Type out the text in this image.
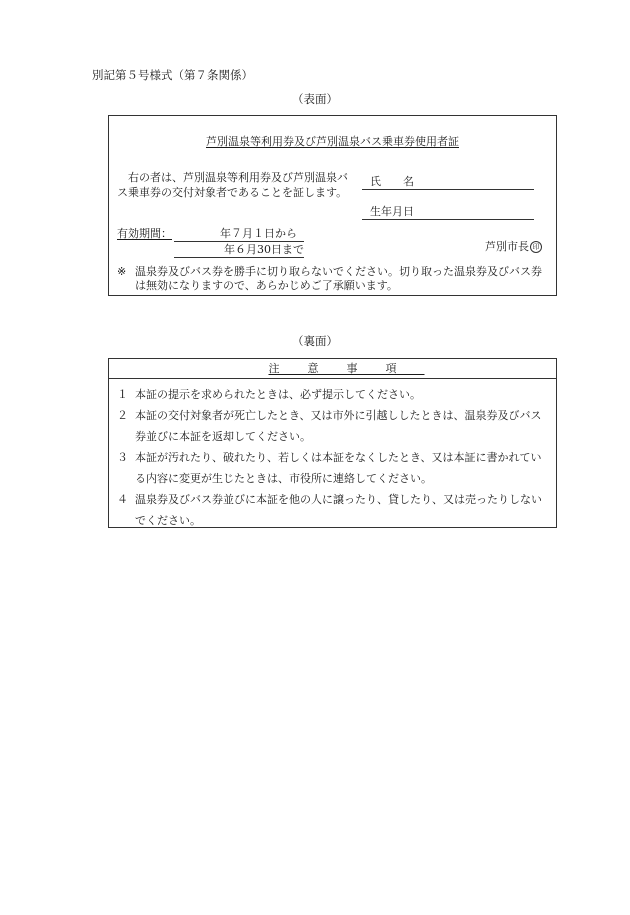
別記第５号様式（第７条関係）
（表面）
芦別温泉等利用券及び芦別温泉バス乗車券使用者証
　右の者は、芦別温泉等利用券及び芦別温泉バス乗車券の交付対象者であることを証します。
氏　　名
生年月日
有効期間：	年７月１日から
年６月30日まで	芦別市長 印
※ 温泉券及びバス券を勝手に切り取らないでください。切り取った温泉券及びバス券は無効になりますので、あらかじめご了承願います。
（裏面）
注意事項
１ 本証の提示を求められたときは、必ず提示してください。
２ 本証の交付対象者が死亡したとき、又は市外に引越ししたときは、温泉券及びバス券並びに本証を返却してください。
３ 本証が汚れたり、破れたり、若しくは本証をなくしたとき、又は本証に書かれている内容に変更が生じたときは、市役所に連絡してください。
４ 温泉券及びバス券並びに本証を他の人に譲ったり、貸したり、又は売ったりしないでください。
